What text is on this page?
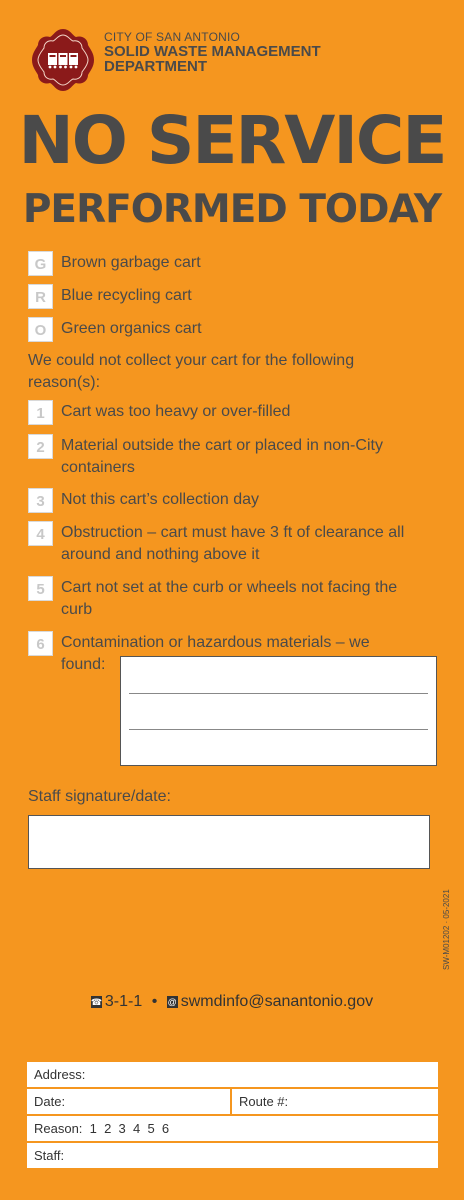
CITY OF SAN ANTONIO
SOLID WASTE MANAGEMENT
DEPARTMENT
NO SERVICE
PERFORMED TODAY
G Brown garbage cart
R Blue recycling cart
O Green organics cart
We could not collect your cart for the following reason(s):
1	Cart was too heavy or over-filled
2	Material outside the cart or placed in non-City containers
3	Not this cart’s collection day
4	Obstruction – cart must have 3 ft of clearance all around and nothing above it
5	Cart not set at the curb or wheels not facing the curb
6	Contamination or hazardous materials – we
found:
Staff signature/date:
SW-M01202 · 05-2021
☎ 3-1-1 • @ swmdinfo@sanantonio.gov
Address:
Date:	Route #:
Reason:  1  2  3  4  5  6
Staff:
